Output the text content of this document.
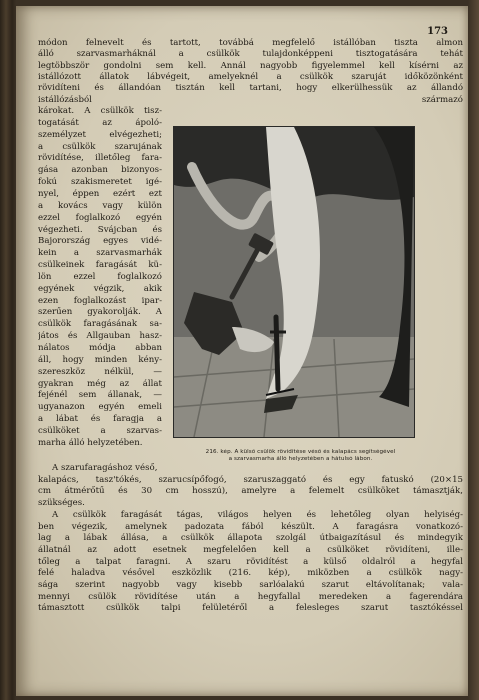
173
módon felnevelt és tartott, továbbá megfelelő istállóban tiszta almon
álló szarvasmarháknál a csülkök tulajdonképpeni tisztogatására tehát
legtöbbször gondolni sem kell. Annál nagyobb figyelemmel kell kísérni az
istállózott állatok lábvégeit, amelyeknél a csülkök szaruját időközönként
rövidíteni és állandóan tisztán kell tartani, hogy elkerülhessük az állandó
istállózásból származó
károkat. A csülkök tisz-
togatását az ápoló-
személyzet elvégezheti;
a csülkök szarujának
rövidítése, illetőleg fara-
gása azonban bizonyos-
fokú szakismeretet igé-
nyel, éppen ezért ezt
a kovács vagy külön
ezzel foglalkozó egyén
végezheti. Svájcban és
Bajorország egyes vidé-
kein a szarvasmarhák
csülkeinek faragását kü-
lön ezzel foglalkozó
egyének végzik, akik
ezen foglalkozást ipar-
szerűen gyakorolják. A
csülkök faragásának sa-
játos és Allgauban hasz-
nálatos módja abban
áll, hogy minden kény-
szereszköz nélkül, —
gyakran még az állat
fejénél sem állanak, —
ugyanazon egyén emeli
a lábat és faragja a
csülköket a szarvas-
marha álló helyzetében.
216. kép. A külső csülök rövidítése véső és kalapács segítségével
a szarvasmarha álló helyzetében a hátulsó lábon.
A szarufaragáshoz véső,
kalapács, tasz'tókés, szarucsípőfogó, szaruszaggató és egy fatuskó (20×15
cm átmérőtű és 30 cm hosszú), amelyre a felemelt csülköket támasztják,
szükséges.
A csülkök faragását tágas, világos helyen és lehetőleg olyan helyiség-
ben végezik, amelynek padozata fából készült. A faragásra vonatkozó-
lag a lábak állása, a csülkök állapota szolgál útbaigazításul és mindegyik
állatnál az adott esetnek megfelelően kell a csülköket rövidíteni, ille-
tőleg a talpat faragni. A szaru rövidítést a külső oldalról a hegyfal
felé haladva vésővel eszközlik (216. kép), miközben a csülkök nagy-
sága szerint nagyobb vagy kisebb sarlóalakú szarut eltávolítanak; vala-
mennyi csülök rövidítése után a hegyfallal meredeken a fagerendára
támasztott csülkök talpi felületéről a felesleges szarut tasztókéssel
